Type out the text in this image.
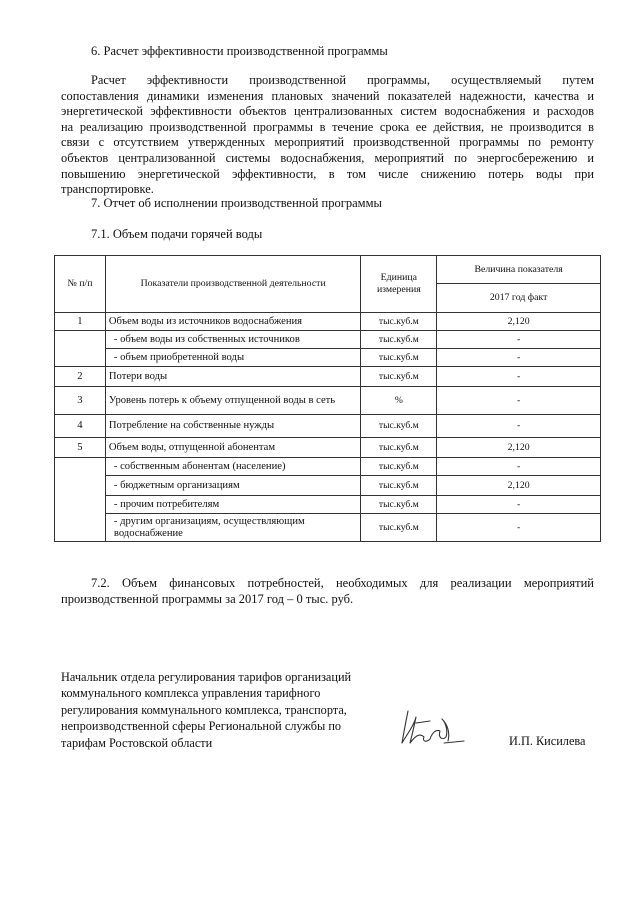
6. Расчет эффективности производственной программы
Расчет эффективности производственной программы, осуществляемый путем
сопоставления динамики изменения плановых значений показателей надежности, качества и
энергетической эффективности объектов централизованных систем водоснабжения и расходов
на реализацию производственной программы в течение срока ее действия, не производится в
связи с отсутствием утвержденных мероприятий производственной программы по ремонту
объектов централизованной системы водоснабжения, мероприятий по энергосбережению и
повышению энергетической эффективности, в том числе снижению потерь воды при
транспортировке.
7. Отчет об исполнении производственной программы
7.1. Объем подачи горячей воды
№ п/п	Показатели производственной деятельности	Единица измерения	Величина показателя
			2017 год факт
1	Объем воды из источников водоснабжения	тыс.куб.м	2,120
	- объем воды из собственных источников	тыс.куб.м	-
	- объем приобретенной воды	тыс.куб.м	-
2	Потери воды	тыс.куб.м	-
3	Уровень потерь к объему отпущенной воды в сеть	%	-
4	Потребление на собственные нужды	тыс.куб.м	-
5	Объем воды, отпущенной абонентам	тыс.куб.м	2,120
	- собственным абонентам (население)	тыс.куб.м	-
	- бюджетным организациям	тыс.куб.м	2,120
	- прочим потребителям	тыс.куб.м	-
	- другим организациям, осуществляющим водоснабжение	тыс.куб.м	-
7.2. Объем финансовых потребностей, необходимых для реализации мероприятий
производственной программы за 2017 год – 0 тыс. руб.
Начальник отдела регулирования тарифов организаций
коммунального комплекса управления тарифного
регулирования коммунального комплекса, транспорта,
непроизводственной сферы Региональной службы по
тарифам Ростовской области	И.П. Кисилева
